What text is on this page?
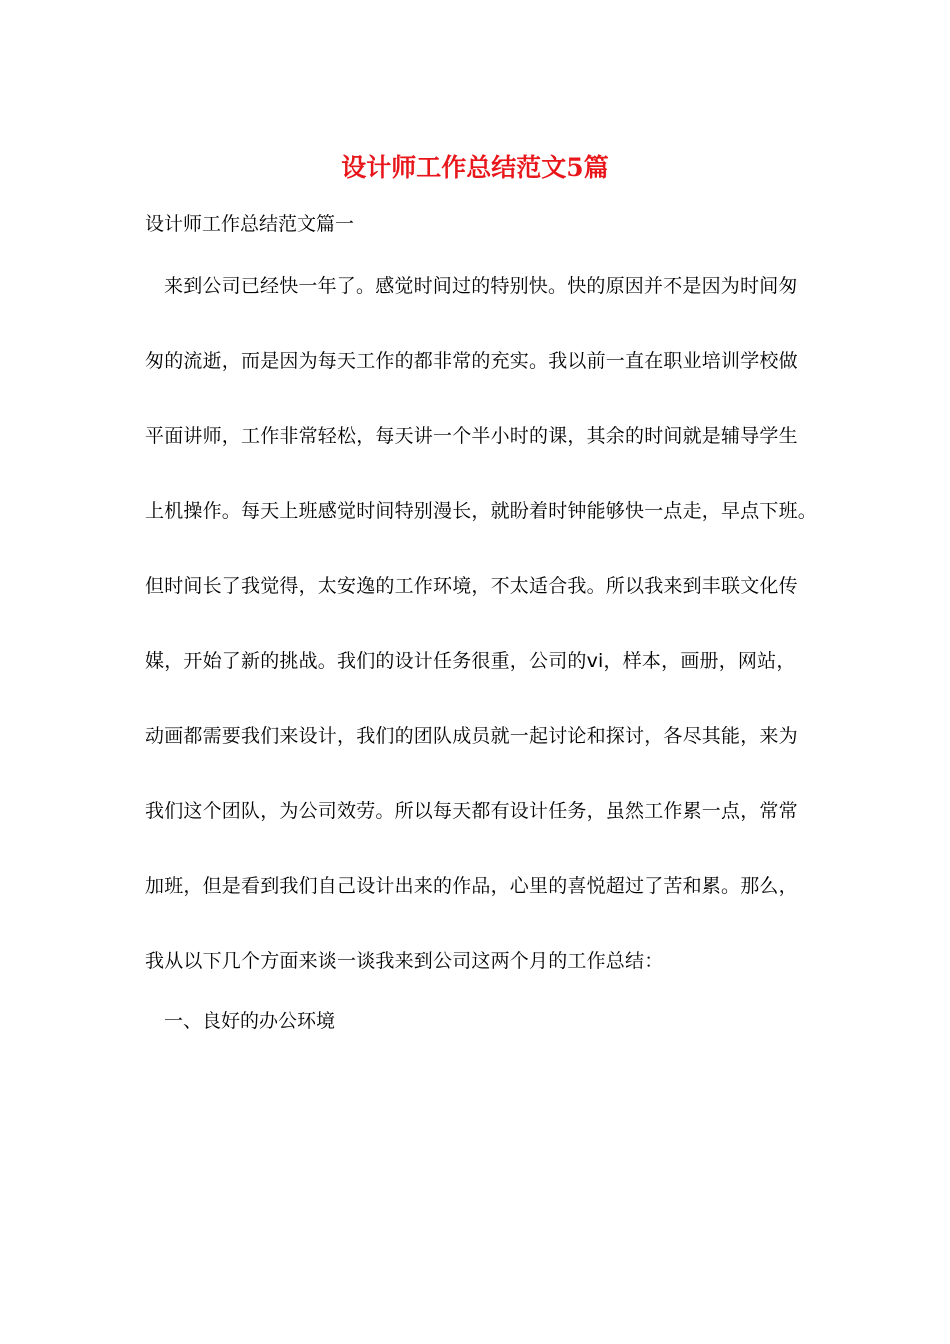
设计师工作总结范文5篇
设计师工作总结范文篇一
来到公司已经快一年了。感觉时间过的特别快。快的原因并不是因为时间匆
匆的流逝，而是因为每天工作的都非常的充实。我以前一直在职业培训学校做
平面讲师，工作非常轻松，每天讲一个半小时的课，其余的时间就是辅导学生
上机操作。每天上班感觉时间特别漫长，就盼着时钟能够快一点走，早点下班。
但时间长了我觉得，太安逸的工作环境，不太适合我。所以我来到丰联文化传
媒，开始了新的挑战。我们的设计任务很重，公司的vi，样本，画册，网站，
动画都需要我们来设计，我们的团队成员就一起讨论和探讨，各尽其能，来为
我们这个团队，为公司效劳。所以每天都有设计任务，虽然工作累一点，常常
加班，但是看到我们自己设计出来的作品，心里的喜悦超过了苦和累。那么，
我从以下几个方面来谈一谈我来到公司这两个月的工作总结：
一、良好的办公环境
